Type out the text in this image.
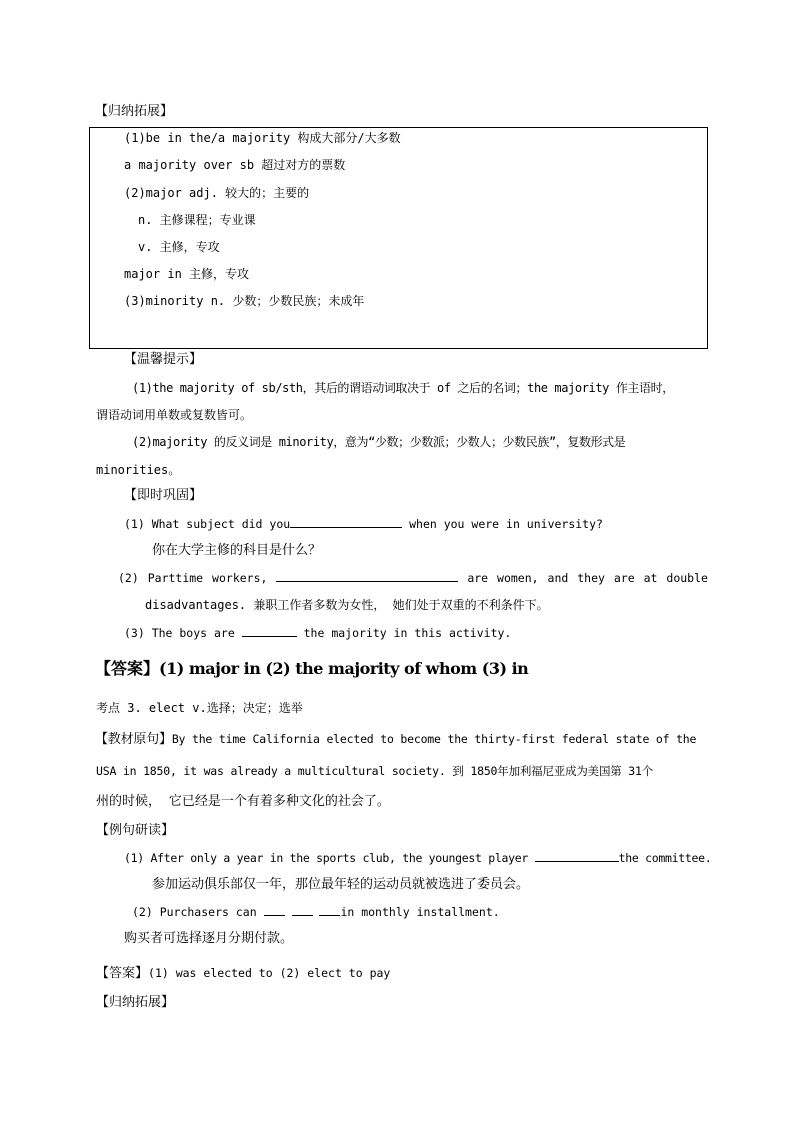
【归纳拓展】
(1)be in the/a majority 构成大部分/大多数
a majority over sb 超过对方的票数
(2)major adj. 较大的；主要的
n. 主修课程；专业课
v. 主修，专攻
major in 主修，专攻
(3)minority n. 少数；少数民族；未成年
【温馨提示】
(1)the majority of sb/sth，其后的谓语动词取决于 of 之后的名词；the majority 作主语时，
谓语动词用单数或复数皆可。
(2)majority 的反义词是 minority，意为“少数；少数派；少数人；少数民族”，复数形式是
minorities。
【即时巩固】
(1) What subject did you	when you were in university?
你在大学主修的科目是什么？
(2) Parttime workers,	are women, and they are at double
disadvantages. 兼职工作者多数为女性， 她们处于双重的不利条件下。
(3) The boys are	the majority in this activity.
【答案】(1) major in (2) the majority of whom (3) in
考点 3. elect v.选择；决定；选举
【教材原句】By the time California elected to become the thirty-first federal state of the
USA in 1850, it was already a multicultural society. 到 1850年加利福尼亚成为美国第 31个
州的时候， 它已经是一个有着多种文化的社会了。
【例句研读】
(1) After only a year in the sports club, the youngest player	the committee.
参加运动俱乐部仅一年，那位最年轻的运动员就被选进了委员会。
(2) Purchasers can	in monthly installment.
购买者可选择逐月分期付款。
【答案】(1) was elected to (2) elect to pay
【归纳拓展】
